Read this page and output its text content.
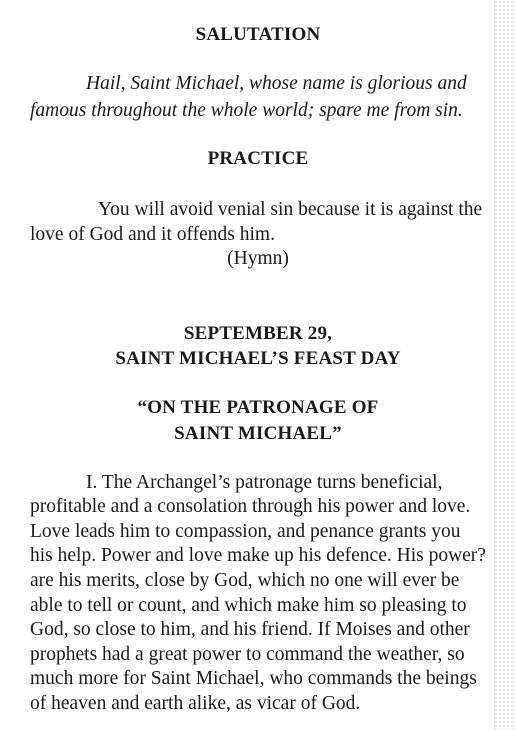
SALUTATION

Hail, Saint Michael, whose name is glorious and

famous throughout the whole world; spare me from sin.

PRACTICE

You will avoid venial sin because it is against the

love of God and it offends him.

(Hymn)

SEPTEMBER 29,
SAINT MICHAEL’S FEAST DAY
“ON THE PATRONAGE OF
SAINT MICHAEL”

I. The Archangel’s patronage turns beneficial,

profitable and a consolation through his power and love.

Love leads him to compassion, and penance grants you

his help. Power and love make up his defence. His power?

are his merits, close by God, which no one will ever be

able to tell or count, and which make him so pleasing to

God, so close to him, and his friend. If Moises and other

prophets had a great power to command the weather, so

much more for Saint Michael, who commands the beings

of heaven and earth alike, as vicar of God.
